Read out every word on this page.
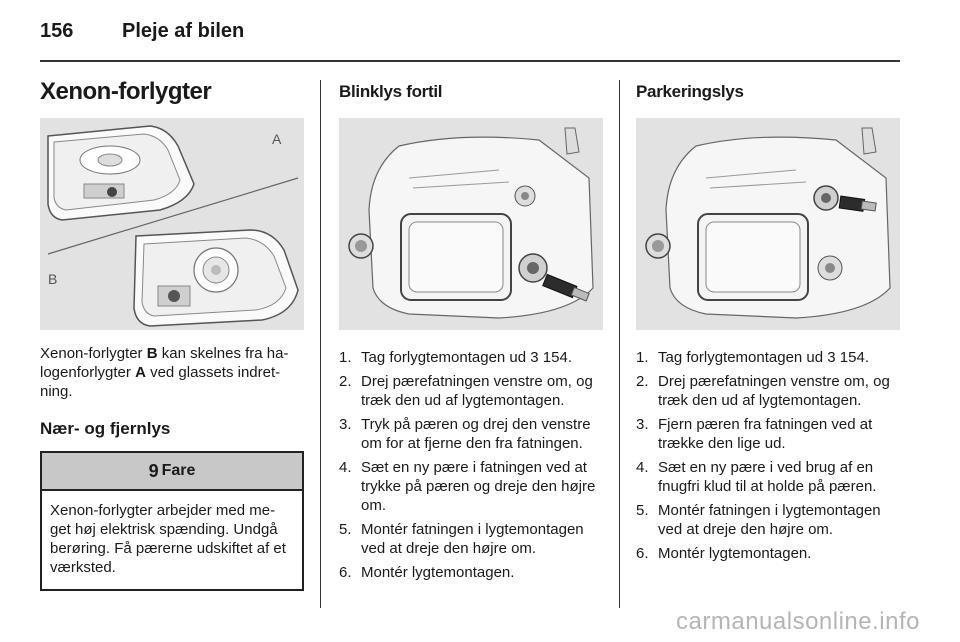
156 Pleje af bilen
Xenon-forlygter
A
B

Xenon-forlygter B kan skelnes fra ha-logenforlygter A ved glassets indret-ning.

Nær- og fjernlys
9 Fare
Xenon-forlygter arbejder med me-get høj elektrisk spænding. Undgå berøring. Få pærerne udskiftet af et værksted.
Blinklys fortil
1. Tag forlygtemontagen ud 3 154.
2. Drej pærefatningen venstre om, og træk den ud af lygtemontagen.
3. Tryk på pæren og drej den venstre om for at fjerne den fra fatningen.
4. Sæt en ny pære i fatningen ved at trykke på pæren og dreje den højre om.
5. Montér fatningen i lygtemontagen ved at dreje den højre om.
6. Montér lygtemontagen.
Parkeringslys
1. Tag forlygtemontagen ud 3 154.
2. Drej pærefatningen venstre om, og træk den ud af lygtemontagen.
3. Fjern pæren fra fatningen ved at trække den lige ud.
4. Sæt en ny pære i ved brug af en fnugfri klud til at holde på pæren.
5. Montér fatningen i lygtemontagen ved at dreje den højre om.
6. Montér lygtemontagen.
carmanualsonline.info
